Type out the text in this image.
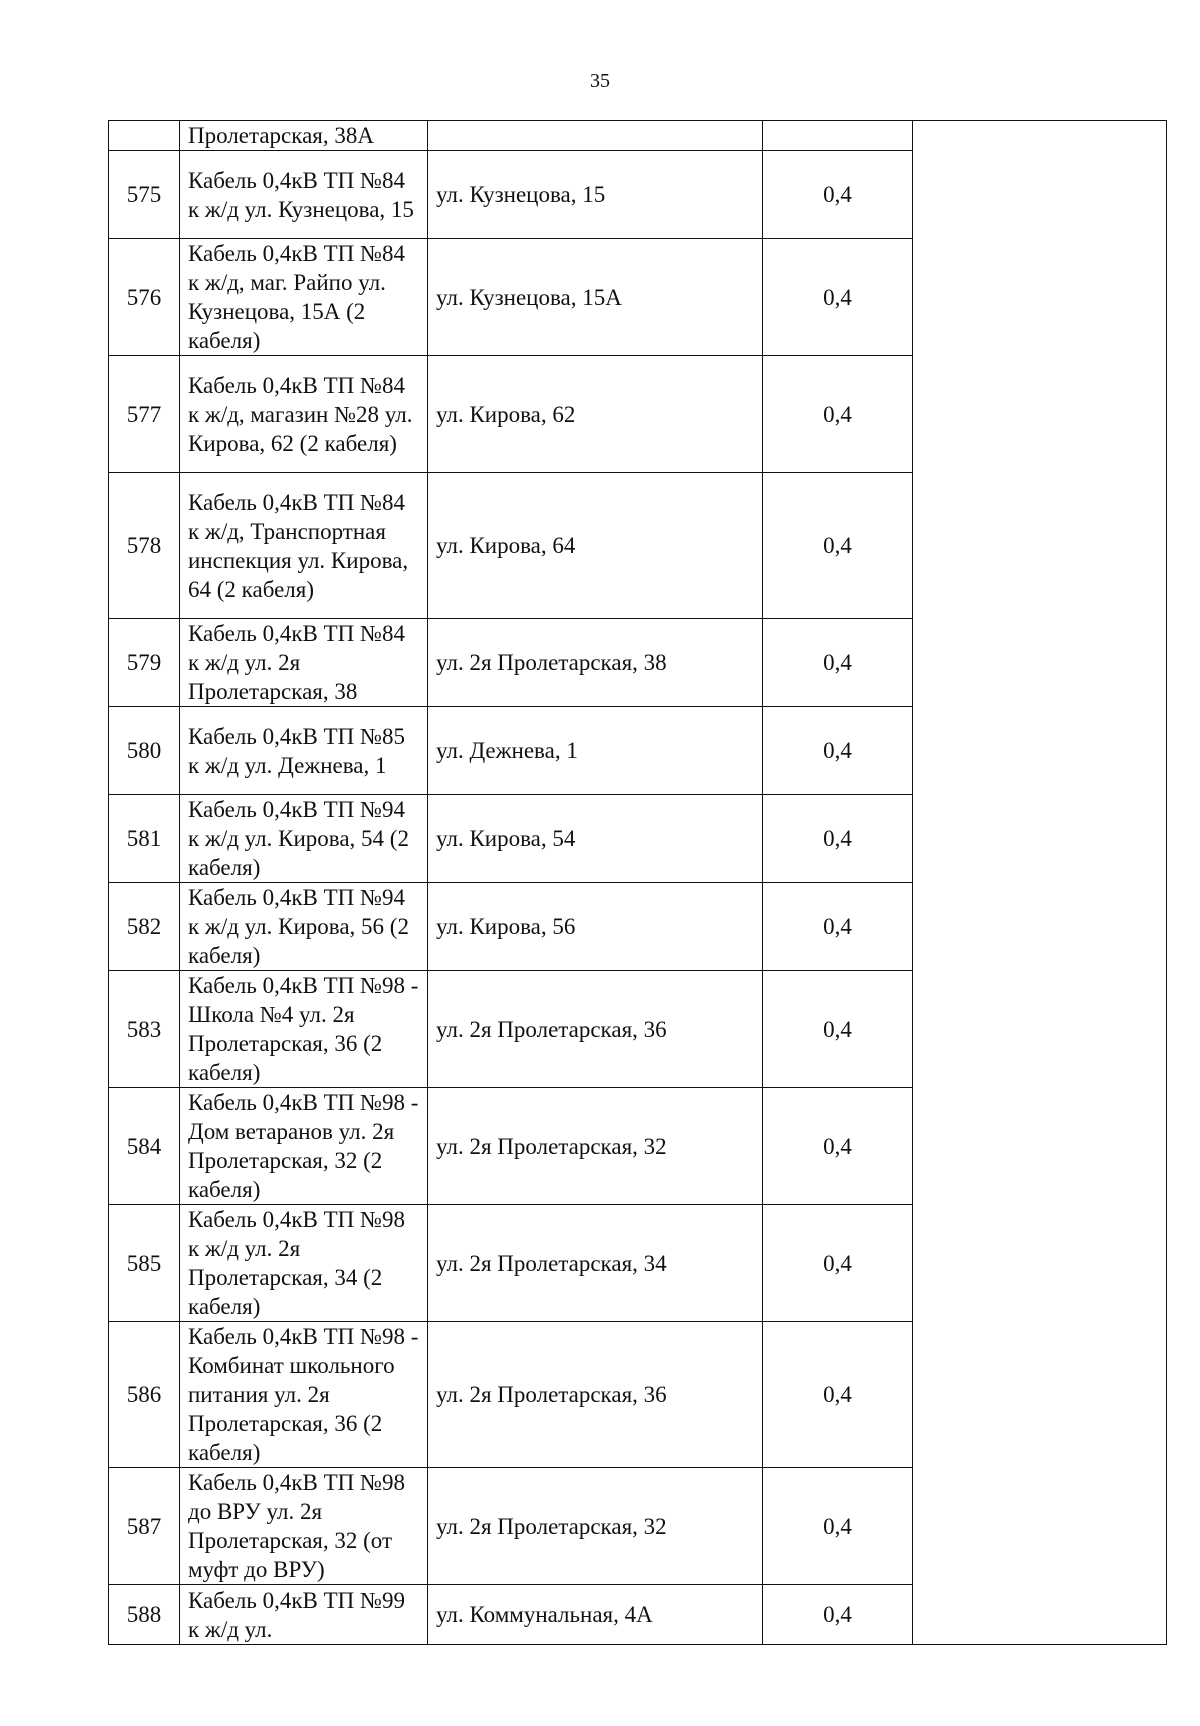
35
	Пролетарская, 38А			
575	Кабель 0,4кВ ТП №84 к ж/д ул. Кузнецова, 15	ул. Кузнецова, 15	0,4	
576	Кабель 0,4кВ ТП №84 к ж/д, маг. Райпо ул. Кузнецова, 15А (2 кабеля)	ул. Кузнецова, 15А	0,4	
577	Кабель 0,4кВ ТП №84 к ж/д, магазин №28 ул. Кирова, 62 (2 кабеля)	ул. Кирова, 62	0,4	
578	Кабель 0,4кВ ТП №84 к ж/д, Транспортная инспекция ул. Кирова, 64 (2 кабеля)	ул. Кирова, 64	0,4	
579	Кабель 0,4кВ ТП №84 к ж/д ул. 2я Пролетарская, 38	ул. 2я Пролетарская, 38	0,4	
580	Кабель 0,4кВ ТП №85 к ж/д ул. Дежнева, 1	ул. Дежнева, 1	0,4	
581	Кабель 0,4кВ ТП №94 к ж/д ул. Кирова, 54 (2 кабеля)	ул. Кирова, 54	0,4	
582	Кабель 0,4кВ ТП №94 к ж/д ул. Кирова, 56 (2 кабеля)	ул. Кирова, 56	0,4	
583	Кабель 0,4кВ ТП №98 - Школа №4 ул. 2я Пролетарская, 36 (2 кабеля)	ул. 2я Пролетарская, 36	0,4	
584	Кабель 0,4кВ ТП №98 - Дом ветаранов ул. 2я Пролетарская, 32 (2 кабеля)	ул. 2я Пролетарская, 32	0,4	
585	Кабель 0,4кВ ТП №98 к ж/д ул. 2я Пролетарская, 34 (2 кабеля)	ул. 2я Пролетарская, 34	0,4	
586	Кабель 0,4кВ ТП №98 - Комбинат школьного питания ул. 2я Пролетарская, 36 (2 кабеля)	ул. 2я Пролетарская, 36	0,4	
587	Кабель 0,4кВ ТП №98 до ВРУ ул. 2я Пролетарская, 32 (от муфт до ВРУ)	ул. 2я Пролетарская, 32	0,4	
588	Кабель 0,4кВ ТП №99 к ж/д ул.	ул. Коммунальная, 4А	0,4	
